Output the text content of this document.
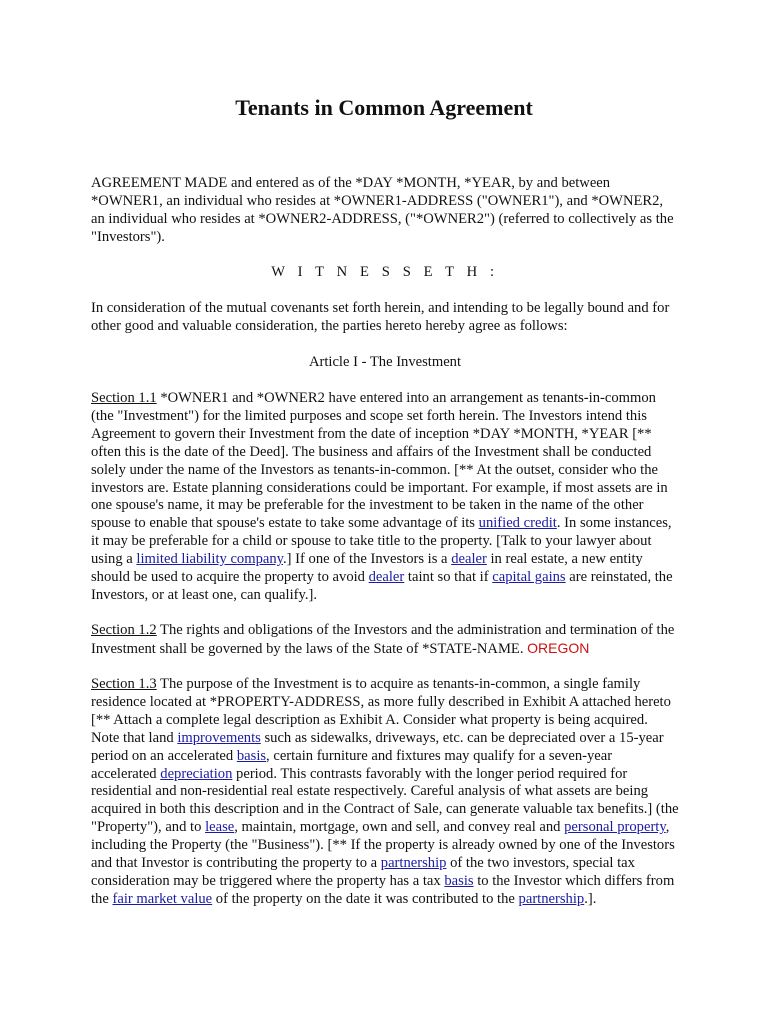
Tenants in Common Agreement

AGREEMENT MADE and entered as of the *DAY *MONTH, *YEAR, by and between *OWNER1, an individual who resides at *OWNER1-ADDRESS ("OWNER1"), and *OWNER2, an individual who resides at *OWNER2-ADDRESS, ("*OWNER2") (referred to collectively as the "Investors").

W I T N E S S E T H :

In consideration of the mutual covenants set forth herein, and intending to be legally bound and for other good and valuable consideration, the parties hereto hereby agree as follows:

Article I - The Investment

Section 1.1 *OWNER1 and *OWNER2 have entered into an arrangement as tenants-in-common (the "Investment") for the limited purposes and scope set forth herein. The Investors intend this Agreement to govern their Investment from the date of inception *DAY *MONTH, *YEAR [** often this is the date of the Deed]. The business and affairs of the Investment shall be conducted solely under the name of the Investors as tenants-in-common. [** At the outset, consider who the investors are. Estate planning considerations could be important. For example, if most assets are in one spouse's name, it may be preferable for the investment to be taken in the name of the other spouse to enable that spouse's estate to take some advantage of its unified credit. In some instances, it may be preferable for a child or spouse to take title to the property. [Talk to your lawyer about using a limited liability company.] If one of the Investors is a dealer in real estate, a new entity should be used to acquire the property to avoid dealer taint so that if capital gains are reinstated, the Investors, or at least one, can qualify.].

Section 1.2 The rights and obligations of the Investors and the administration and termination of the Investment shall be governed by the laws of the State of *STATE-NAME. OREGON

Section 1.3 The purpose of the Investment is to acquire as tenants-in-common, a single family residence located at *PROPERTY-ADDRESS, as more fully described in Exhibit A attached hereto [** Attach a complete legal description as Exhibit A. Consider what property is being acquired. Note that land improvements such as sidewalks, driveways, etc. can be depreciated over a 15-year period on an accelerated basis, certain furniture and fixtures may qualify for a seven-year accelerated depreciation period. This contrasts favorably with the longer period required for residential and non-residential real estate respectively. Careful analysis of what assets are being acquired in both this description and in the Contract of Sale, can generate valuable tax benefits.] (the "Property"), and to lease, maintain, mortgage, own and sell, and convey real and personal property, including the Property (the "Business"). [** If the property is already owned by one of the Investors and that Investor is contributing the property to a partnership of the two investors, special tax consideration may be triggered where the property has a tax basis to the Investor which differs from the fair market value of the property on the date it was contributed to the partnership.].
